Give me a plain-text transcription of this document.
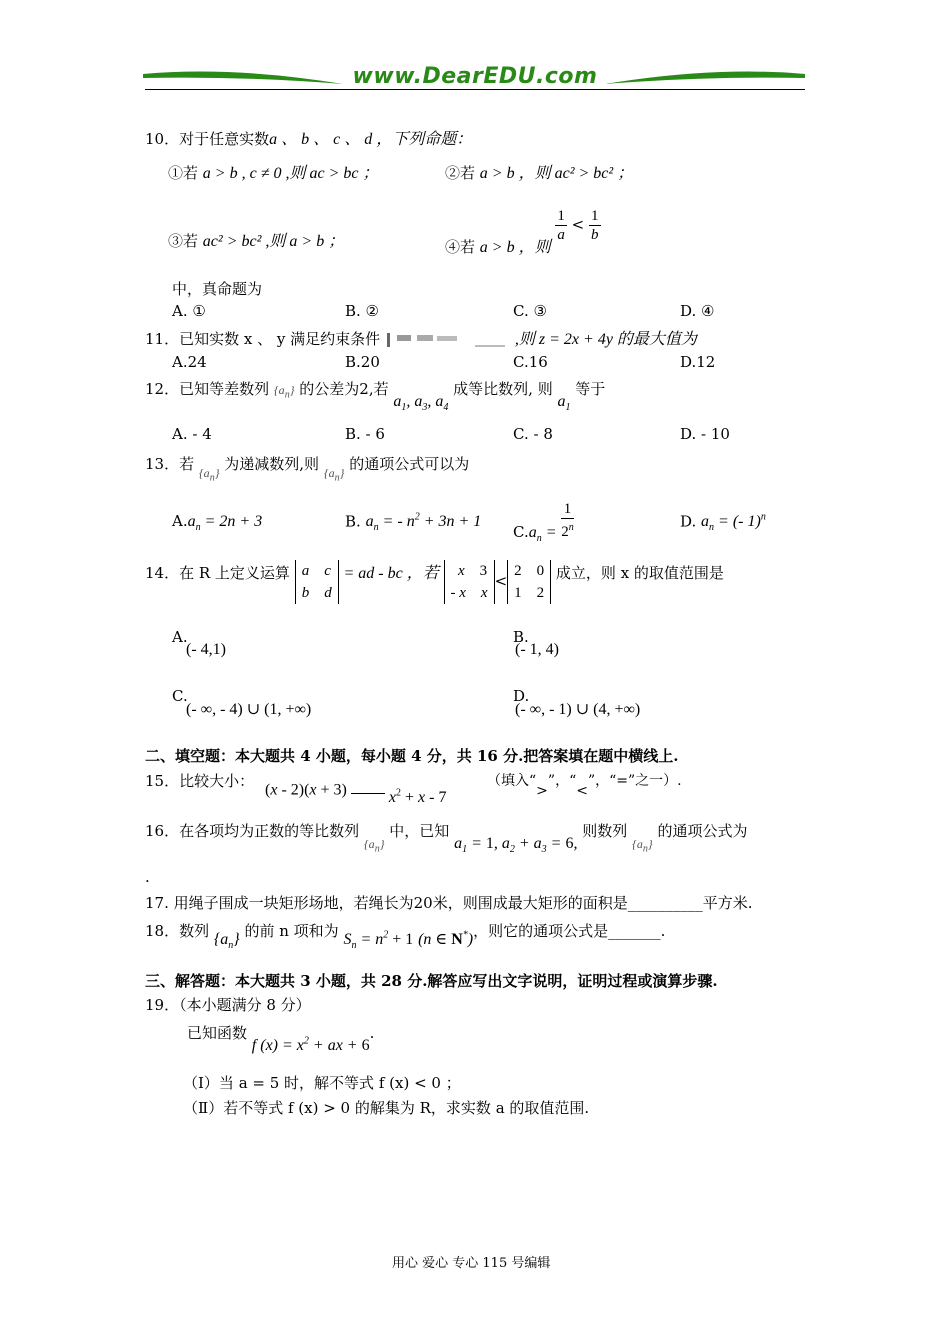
www.DearEDU.com
10．对于任意实数a 、 b 、 c 、 d ，下列命题：
①若 a > b , c ≠ 0 ,则 ac > bc ；	②若 a > b ，则 ac² > bc² ；
③若 ac² > bc² ,则 a > b ；	④若 a > b ，则
$\frac{1}{a} < \frac{1}{b}$
中，真命题为
A. ①	B. ②	C. ③	D. ④
11．已知实数 x 、 y 满足约束条件	,则 z = 2x + 4y 的最大值为
A.24	B.20	C.16	D.12
12．已知等差数列 $\{a_n\}$ 的公差为2,若 $a_1$, $a_3$, $a_4$ 成等比数列, 则 $a_1$ 等于
A. - 4	B. - 6	C. - 8	D. - 10
13．若 $_{\{a_n\}}$ 为递减数列,则 $_{\{a_n\}}$ 的通项公式可以为
$A.a_n = 2n + 3$	B. $a_n$ = - $n^2 + 3n + 1$
$C.a_n = \frac{1}{2^n}$	D. $a_n$ = (- 1)$^n$
14．在 R 上定义运算 a    c
b    d = ad - bc ，若   x    3
- x    x<2    0
1    2 成立，则 x 的取值范围是
A.
(- 4,1)
B.
(- 1, 4)
C.
(- ∞, - 4) ∪ (1, +∞)
D.
(- ∞, - 1) ∪ (4, +∞)
二、填空题：本大题共 4 小题，每小题 4 分，共 16 分.把答案填在题中横线上.
15．比较大小： (x - 2)(x + 3)  $x^2 + x - 7$
（填入“>”，“<”，“=”之一）.
16．在各项均为正数的等比数列 $_{\{a_n\}}$ 中，已知 $a_1 = 1$, $a_2 + a_3 = 6$, 则数列 $_{\{a_n\}}$ 的通项公式为
.
17. 用绳子围成一块矩形场地，若绳长为20米，则围成最大矩形的面积是__________平方米.
18．数列 $\{a_n\}$ 的前 n 项和为 $S_n = n^2 + 1$ (n ∈ N*)，则它的通项公式是_______.
三、解答题：本大题共 3 小题，共 28 分.解答应写出文字说明，证明过程或演算步骤.
19．（本小题满分 8 分）
已知函数 f $(x) = x^2$ + ax + 6.
（Ⅰ）当 a = 5 时，解不等式 f (x) < 0 ；
（Ⅱ）若不等式 f (x) > 0 的解集为 R，求实数 a 的取值范围.
用心 爱心 专心 115 号编辑
